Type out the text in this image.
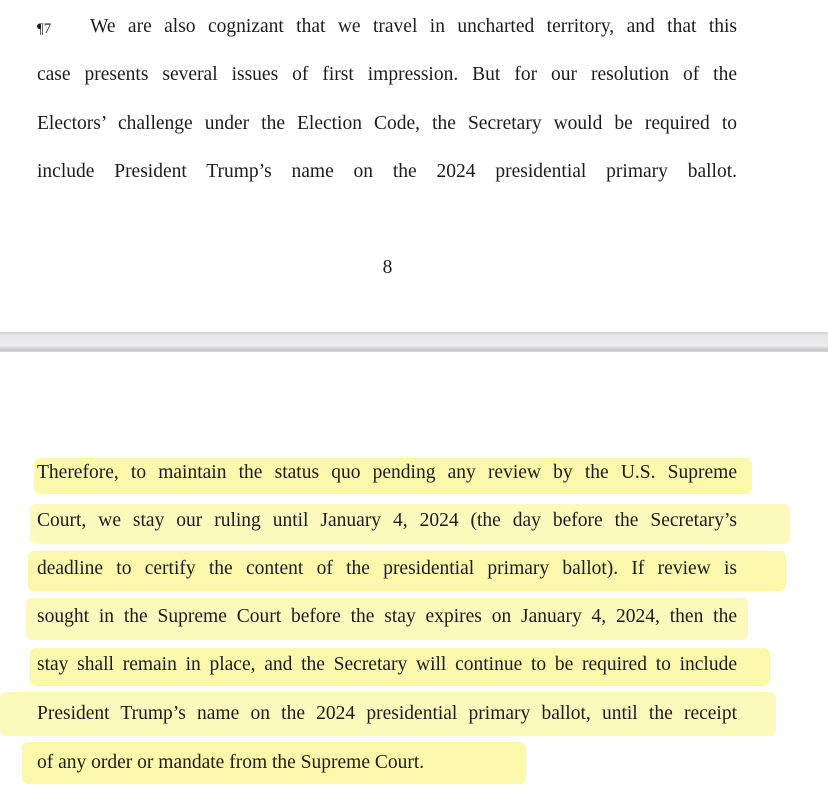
¶7 We are also cognizant that we travel in uncharted territory, and that this
case presents several issues of first impression. But for our resolution of the
Electors’ challenge under the Election Code, the Secretary would be required to
include President Trump’s name on the 2024 presidential primary ballot.
8
Therefore, to maintain the status quo pending any review by the U.S. Supreme
Court, we stay our ruling until January 4, 2024 (the day before the Secretary’s
deadline to certify the content of the presidential primary ballot). If review is
sought in the Supreme Court before the stay expires on January 4, 2024, then the
stay shall remain in place, and the Secretary will continue to be required to include
President Trump’s name on the 2024 presidential primary ballot, until the receipt
of any order or mandate from the Supreme Court.
